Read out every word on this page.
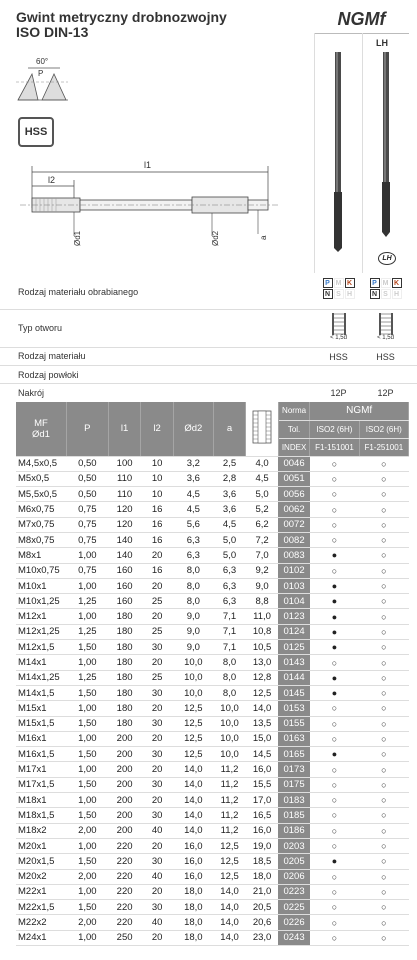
Gwint metryczny drobnozwojny
ISO DIN-13
NGMf
LH
60°
P
HSS
l1
l2
Ød1	Ød2	a
LH
Rodzaj materiału obrabianego
P M K
N S H
P M K
N S H
Typ otworu
< 1,5d	< 1,5d
Rodzaj materiału	HSS	HSS
Rodzaj powłoki
Nakrój	12P	12P
MF
Ød1	P	l1	l2	Ød2	a		Norma	NGMf	
							Tol.	ISO2 (6H)	ISO2 (6H)
							INDEX	F1-151001	F1-251001
M4,5x0,5	0,50	100	10	3,2	2,5	4,0	0046	○	○
M5x0,5	0,50	110	10	3,6	2,8	4,5	0051	○	○
M5,5x0,5	0,50	110	10	4,5	3,6	5,0	0056	○	○
M6x0,75	0,75	120	16	4,5	3,6	5,2	0062	○	○
M7x0,75	0,75	120	16	5,6	4,5	6,2	0072	○	○
M8x0,75	0,75	140	16	6,3	5,0	7,2	0082	○	○
M8x1	1,00	140	20	6,3	5,0	7,0	0083	●	○
M10x0,75	0,75	160	16	8,0	6,3	9,2	0102	○	○
M10x1	1,00	160	20	8,0	6,3	9,0	0103	●	○
M10x1,25	1,25	160	25	8,0	6,3	8,8	0104	●	○
M12x1	1,00	180	20	9,0	7,1	11,0	0123	●	○
M12x1,25	1,25	180	25	9,0	7,1	10,8	0124	●	○
M12x1,5	1,50	180	30	9,0	7,1	10,5	0125	●	○
M14x1	1,00	180	20	10,0	8,0	13,0	0143	○	○
M14x1,25	1,25	180	25	10,0	8,0	12,8	0144	●	○
M14x1,5	1,50	180	30	10,0	8,0	12,5	0145	●	○
M15x1	1,00	180	20	12,5	10,0	14,0	0153	○	○
M15x1,5	1,50	180	30	12,5	10,0	13,5	0155	○	○
M16x1	1,00	200	20	12,5	10,0	15,0	0163	○	○
M16x1,5	1,50	200	30	12,5	10,0	14,5	0165	●	○
M17x1	1,00	200	20	14,0	11,2	16,0	0173	○	○
M17x1,5	1,50	200	30	14,0	11,2	15,5	0175	○	○
M18x1	1,00	200	20	14,0	11,2	17,0	0183	○	○
M18x1,5	1,50	200	30	14,0	11,2	16,5	0185	○	○
M18x2	2,00	200	40	14,0	11,2	16,0	0186	○	○
M20x1	1,00	220	20	16,0	12,5	19,0	0203	○	○
M20x1,5	1,50	220	30	16,0	12,5	18,5	0205	●	○
M20x2	2,00	220	40	16,0	12,5	18,0	0206	○	○
M22x1	1,00	220	20	18,0	14,0	21,0	0223	○	○
M22x1,5	1,50	220	30	18,0	14,0	20,5	0225	○	○
M22x2	2,00	220	40	18,0	14,0	20,6	0226	○	○
M24x1	1,00	250	20	18,0	14,0	23,0	0243	○	○
